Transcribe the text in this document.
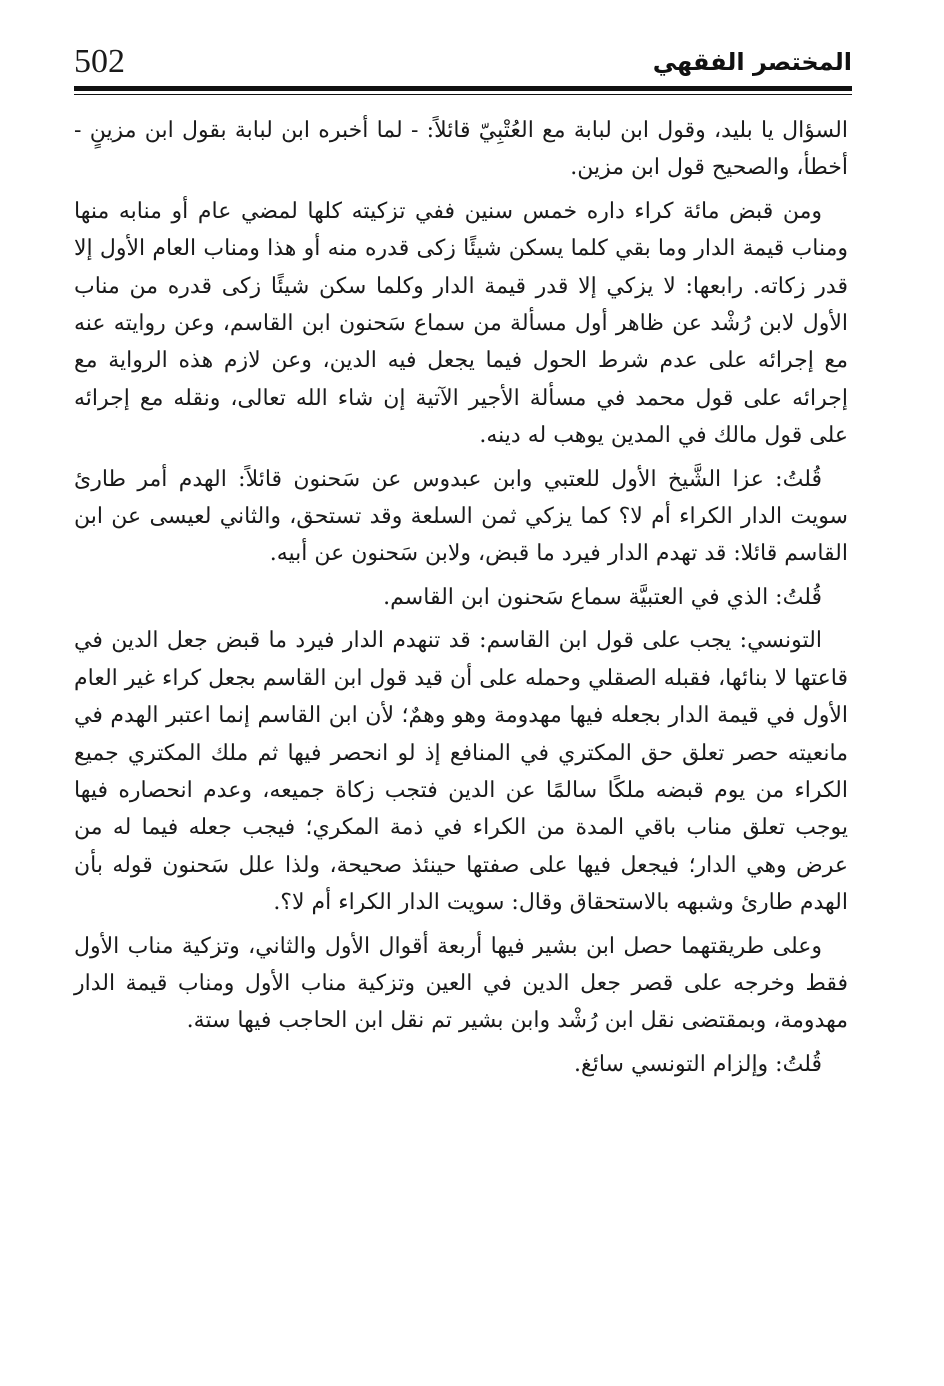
502	المختصر الفقهي

السؤال يا بليد، وقول ابن لبابة مع العُتْبِيّ قائلاً: - لما أخبره ابن لبابة بقول ابن مزينٍ - أخطأ، والصحيح قول ابن مزين.

ومن قبض مائة كراء داره خمس سنين ففي تزكيته كلها لمضي عام أو منابه منها ومناب قيمة الدار وما بقي كلما يسكن شيئًا زكى قدره منه أو هذا ومناب العام الأول إلا قدر زكاته. رابعها: لا يزكي إلا قدر قيمة الدار وكلما سكن شيئًا زكى قدره من مناب الأول لابن رُشْد عن ظاهر أول مسألة من سماع سَحنون ابن القاسم، وعن روايته عنه مع إجرائه على عدم شرط الحول فيما يجعل فيه الدين، وعن لازم هذه الرواية مع إجرائه على قول محمد في مسألة الأجير الآتية إن شاء الله تعالى، ونقله مع إجرائه على قول مالك في المدين يوهب له دينه.

قُلتُ: عزا الشَّيخ الأول للعتبي وابن عبدوس عن سَحنون قائلاً: الهدم أمر طارئ سويت الدار الكراء أم لا؟ كما يزكي ثمن السلعة وقد تستحق، والثاني لعيسى عن ابن القاسم قائلا: قد تهدم الدار فيرد ما قبض، ولابن سَحنون عن أبيه.

قُلتُ: الذي في العتبيَّة سماع سَحنون ابن القاسم.

التونسي: يجب على قول ابن القاسم: قد تنهدم الدار فيرد ما قبض جعل الدين في قاعتها لا بنائها، فقبله الصقلي وحمله على أن قيد قول ابن القاسم بجعل كراء غير العام الأول في قيمة الدار بجعله فيها مهدومة وهو وهمٌ؛ لأن ابن القاسم إنما اعتبر الهدم في مانعيته حصر تعلق حق المكتري في المنافع إذ لو انحصر فيها ثم ملك المكتري جميع الكراء من يوم قبضه ملكًا سالمًا عن الدين فتجب زكاة جميعه، وعدم انحصاره فيها يوجب تعلق مناب باقي المدة من الكراء في ذمة المكري؛ فيجب جعله فيما له من عرض وهي الدار؛ فيجعل فيها على صفتها حينئذ صحيحة، ولذا علل سَحنون قوله بأن الهدم طارئ وشبهه بالاستحقاق وقال: سويت الدار الكراء أم لا؟.

وعلى طريقتهما حصل ابن بشير فيها أربعة أقوال الأول والثاني، وتزكية مناب الأول فقط وخرجه على قصر جعل الدين في العين وتزكية مناب الأول ومناب قيمة الدار مهدومة، وبمقتضى نقل ابن رُشْد وابن بشير تم نقل ابن الحاجب فيها ستة.

قُلتُ: وإلزام التونسي سائغ.
